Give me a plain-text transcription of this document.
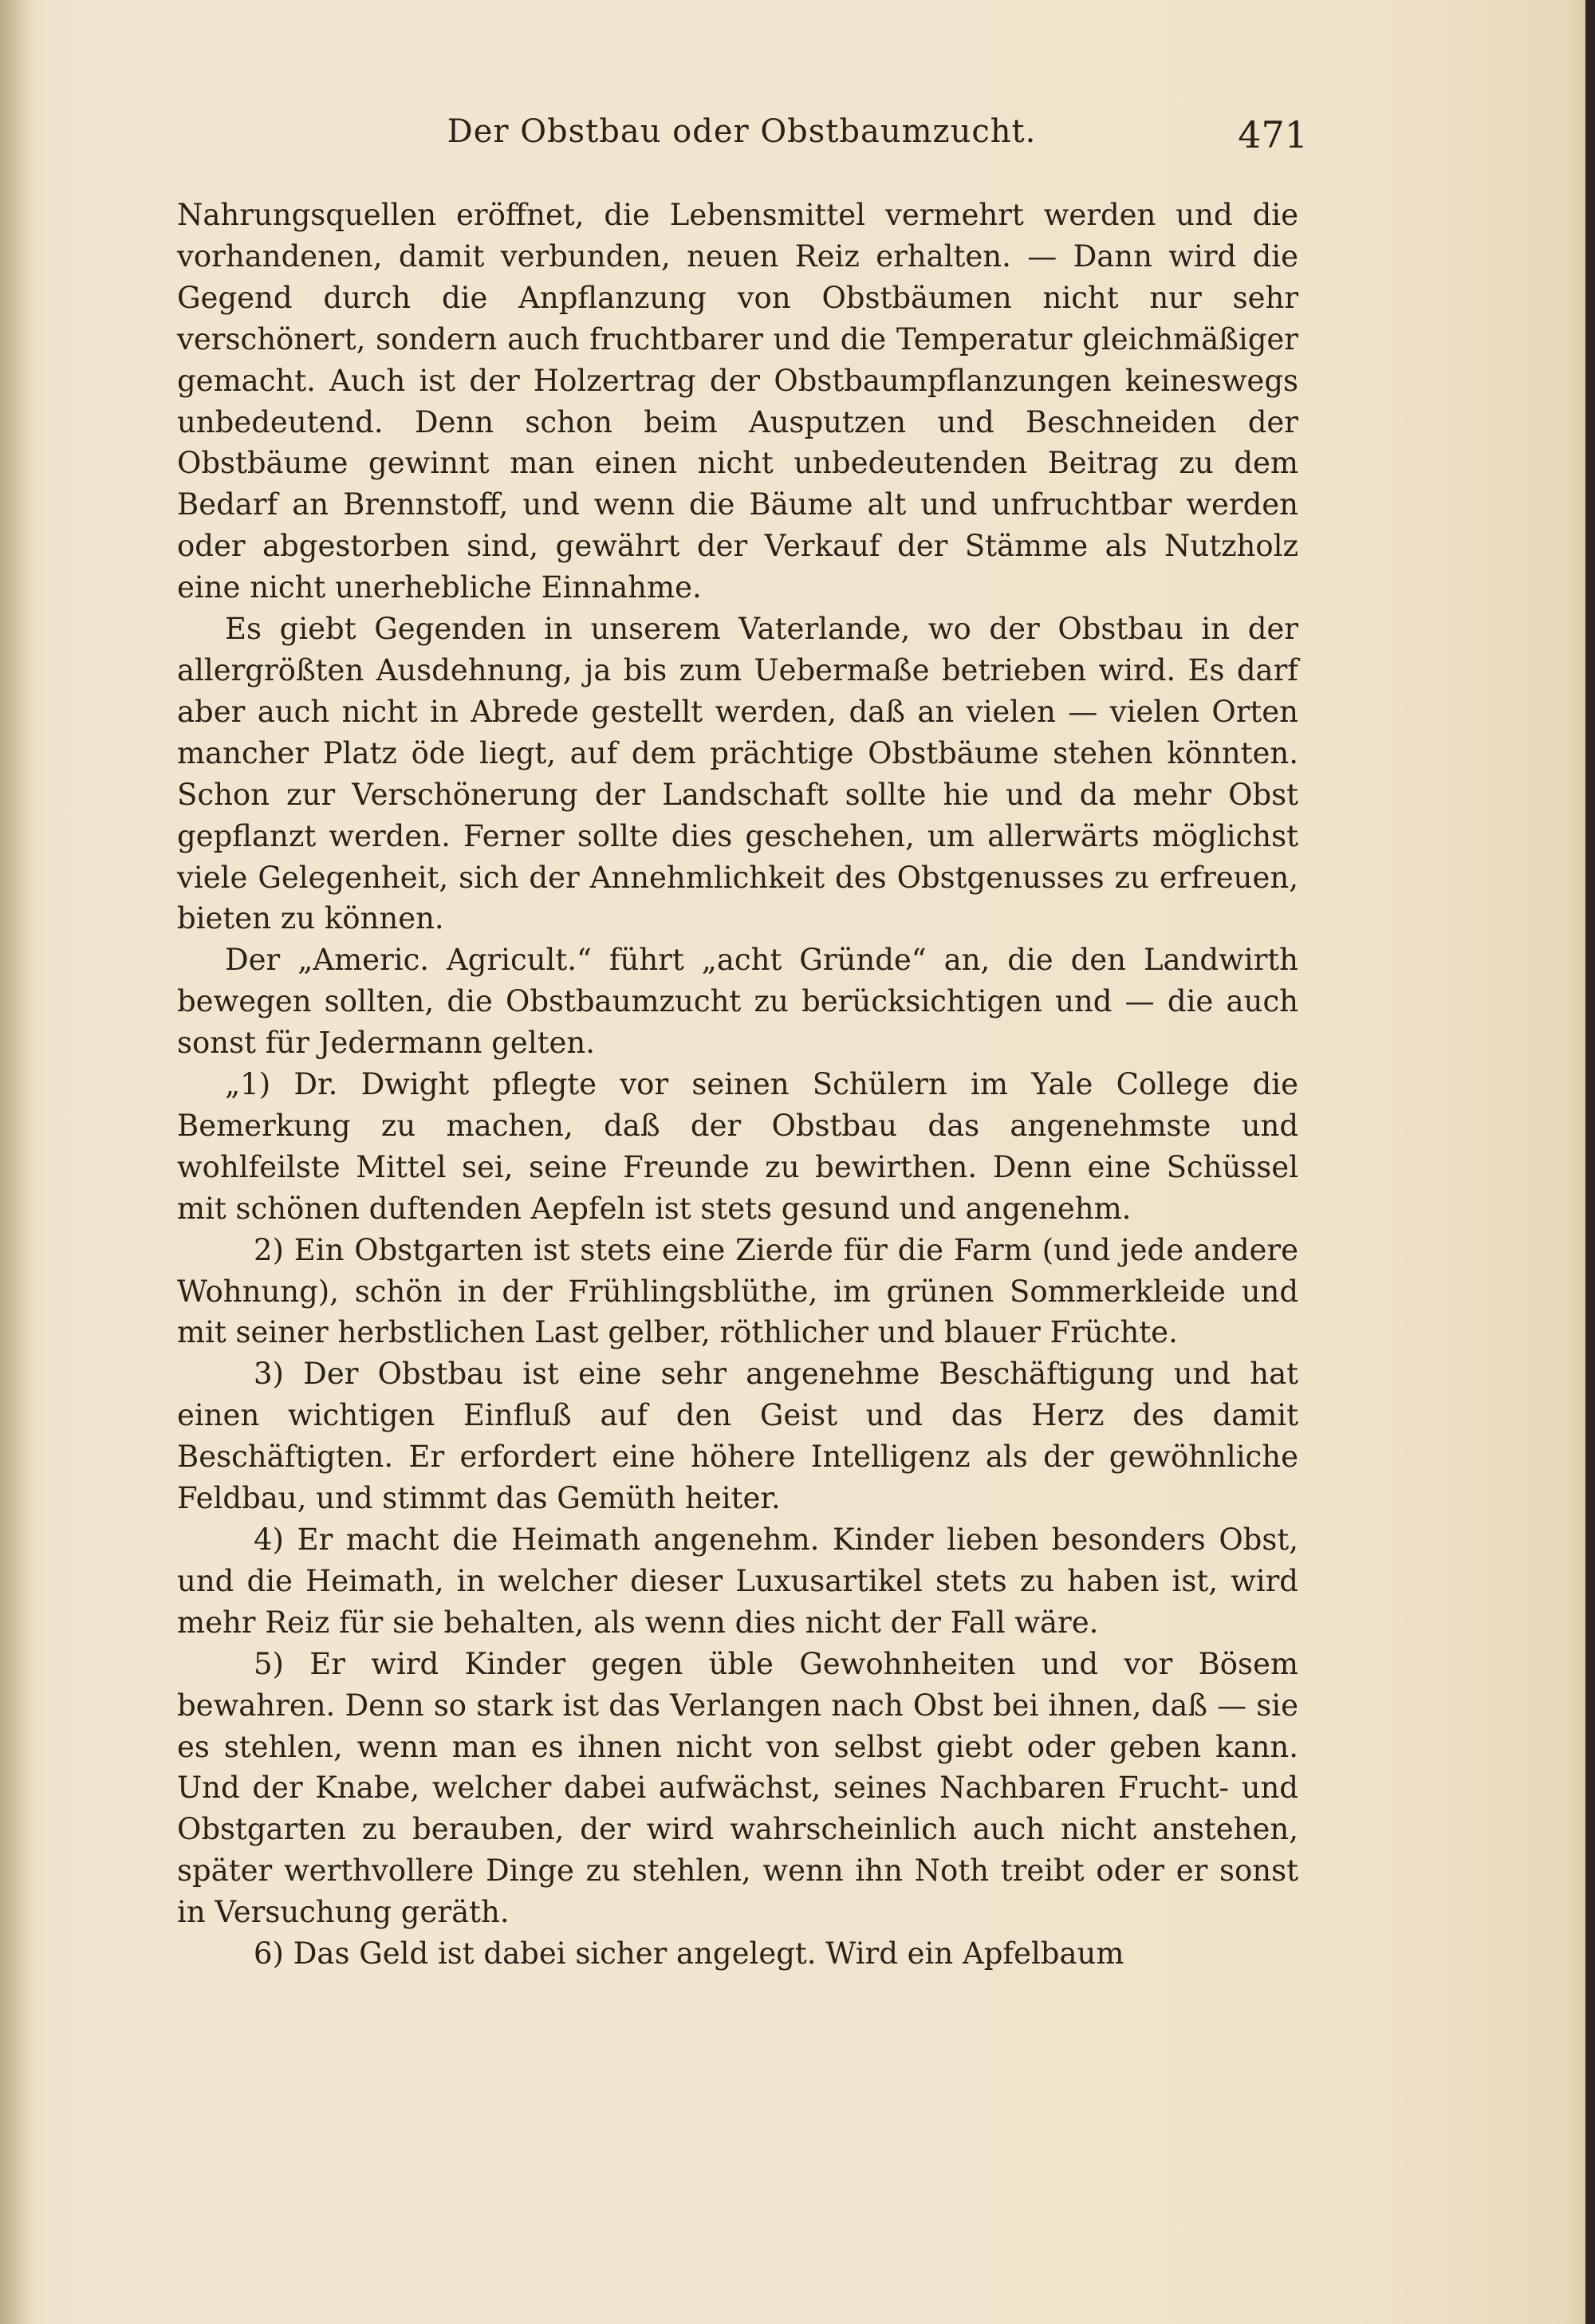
Der Obstbau oder Obstbaumzucht.	471

Nahrungsquellen eröffnet, die Lebensmittel vermehrt werden und die vorhandenen, damit verbunden, neuen Reiz erhalten. — Dann wird die Gegend durch die Anpflanzung von Obstbäumen nicht nur sehr verschönert, sondern auch fruchtbarer und die Temperatur gleichmäßiger gemacht. Auch ist der Holzertrag der Obstbaumpflanzungen keineswegs unbedeutend. Denn schon beim Ausputzen und Beschneiden der Obstbäume gewinnt man einen nicht unbedeutenden Beitrag zu dem Bedarf an Brennstoff, und wenn die Bäume alt und unfruchtbar werden oder abgestorben sind, gewährt der Verkauf der Stämme als Nutzholz eine nicht unerhebliche Einnahme.

Es giebt Gegenden in unserem Vaterlande, wo der Obstbau in der allergrößten Ausdehnung, ja bis zum Uebermaße betrieben wird. Es darf aber auch nicht in Abrede gestellt werden, daß an vielen — vielen Orten mancher Platz öde liegt, auf dem prächtige Obstbäume stehen könnten. Schon zur Verschönerung der Landschaft sollte hie und da mehr Obst gepflanzt werden. Ferner sollte dies geschehen, um allerwärts möglichst viele Gelegenheit, sich der Annehmlichkeit des Obstgenusses zu erfreuen, bieten zu können.

Der „Americ. Agricult.“ führt „acht Gründe“ an, die den Landwirth bewegen sollten, die Obstbaumzucht zu berücksichtigen und — die auch sonst für Jedermann gelten.

„1) Dr. Dwight pflegte vor seinen Schülern im Yale College die Bemerkung zu machen, daß der Obstbau das angenehmste und wohlfeilste Mittel sei, seine Freunde zu bewirthen. Denn eine Schüssel mit schönen duftenden Aepfeln ist stets gesund und angenehm.

2) Ein Obstgarten ist stets eine Zierde für die Farm (und jede andere Wohnung), schön in der Frühlingsblüthe, im grünen Sommerkleide und mit seiner herbstlichen Last gelber, röthlicher und blauer Früchte.

3) Der Obstbau ist eine sehr angenehme Beschäftigung und hat einen wichtigen Einfluß auf den Geist und das Herz des damit Beschäftigten. Er erfordert eine höhere Intelligenz als der gewöhnliche Feldbau, und stimmt das Gemüth heiter.

4) Er macht die Heimath angenehm. Kinder lieben besonders Obst, und die Heimath, in welcher dieser Luxusartikel stets zu haben ist, wird mehr Reiz für sie behalten, als wenn dies nicht der Fall wäre.

5) Er wird Kinder gegen üble Gewohnheiten und vor Bösem bewahren. Denn so stark ist das Verlangen nach Obst bei ihnen, daß — sie es stehlen, wenn man es ihnen nicht von selbst giebt oder geben kann. Und der Knabe, welcher dabei aufwächst, seines Nachbaren Frucht- und Obstgarten zu berauben, der wird wahrscheinlich auch nicht anstehen, später werthvollere Dinge zu stehlen, wenn ihn Noth treibt oder er sonst in Versuchung geräth.

6) Das Geld ist dabei sicher angelegt. Wird ein Apfelbaum
